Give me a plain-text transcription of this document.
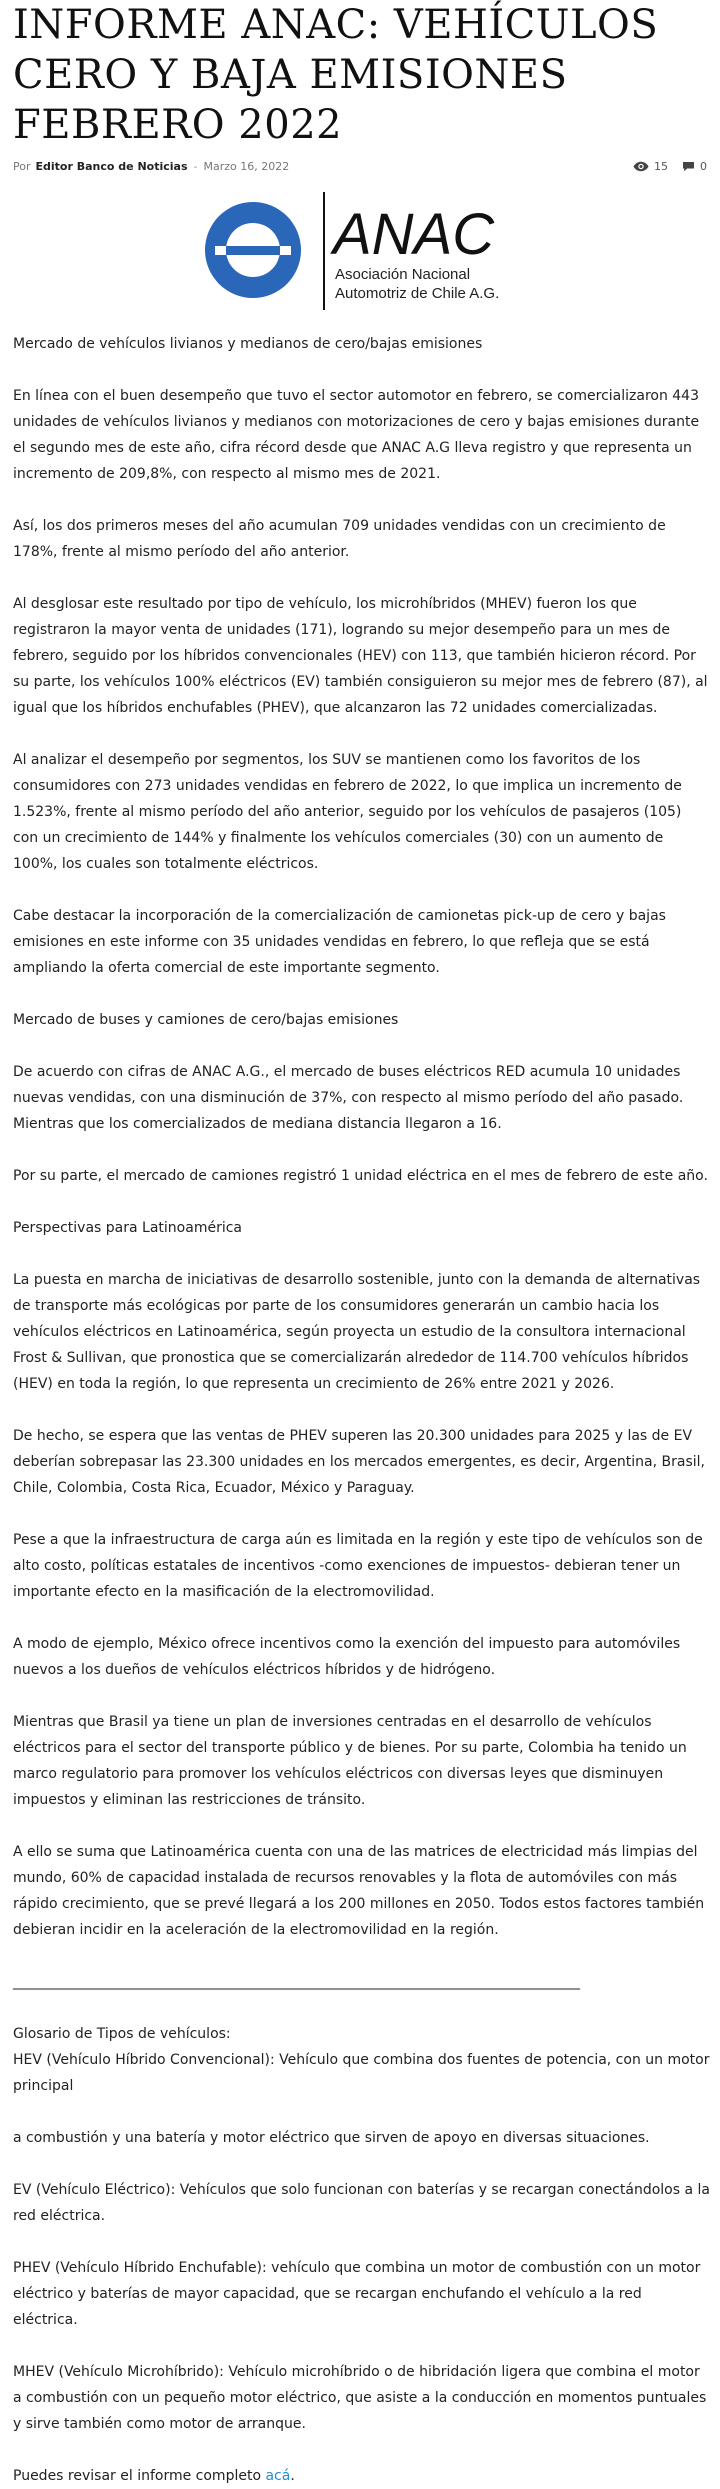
INFORME ANAC: VEHÍCULOS CERO Y BAJA EMISIONES FEBRERO 2022
Por Editor Banco de Noticias - Marzo 16, 2022	15	0
ANAC
Asociación Nacional
Automotriz de Chile A.G.

Mercado de vehículos livianos y medianos de cero/bajas emisiones

En línea con el buen desempeño que tuvo el sector automotor en febrero, se comercializaron 443 unidades de vehículos livianos y medianos con motorizaciones de cero y bajas emisiones durante el segundo mes de este año, cifra récord desde que ANAC A.G lleva registro y que representa un incremento de 209,8%, con respecto al mismo mes de 2021.

Así, los dos primeros meses del año acumulan 709 unidades vendidas con un crecimiento de 178%, frente al mismo período del año anterior.

Al desglosar este resultado por tipo de vehículo, los microhíbridos (MHEV) fueron los que registraron la mayor venta de unidades (171), logrando su mejor desempeño para un mes de febrero, seguido por los híbridos convencionales (HEV) con 113, que también hicieron récord. Por su parte, los vehículos 100% eléctricos (EV) también consiguieron su mejor mes de febrero (87), al igual que los híbridos enchufables (PHEV), que alcanzaron las 72 unidades comercializadas.

Al analizar el desempeño por segmentos, los SUV se mantienen como los favoritos de los consumidores con 273 unidades vendidas en febrero de 2022, lo que implica un incremento de 1.523%, frente al mismo período del año anterior, seguido por los vehículos de pasajeros (105) con un crecimiento de 144% y finalmente los vehículos comerciales (30) con un aumento de 100%, los cuales son totalmente eléctricos.

Cabe destacar la incorporación de la comercialización de camionetas pick-up de cero y bajas emisiones en este informe con 35 unidades vendidas en febrero, lo que refleja que se está ampliando la oferta comercial de este importante segmento.

Mercado de buses y camiones de cero/bajas emisiones

De acuerdo con cifras de ANAC A.G., el mercado de buses eléctricos RED acumula 10 unidades nuevas vendidas, con una disminución de 37%, con respecto al mismo período del año pasado. Mientras que los comercializados de mediana distancia llegaron a 16.

Por su parte, el mercado de camiones registró 1 unidad eléctrica en el mes de febrero de este año.

Perspectivas para Latinoamérica

La puesta en marcha de iniciativas de desarrollo sostenible, junto con la demanda de alternativas de transporte más ecológicas por parte de los consumidores generarán un cambio hacia los vehículos eléctricos en Latinoamérica, según proyecta un estudio de la consultora internacional Frost & Sullivan, que pronostica que se comercializarán alrededor de 114.700 vehículos híbridos (HEV) en toda la región, lo que representa un crecimiento de 26% entre 2021 y 2026.

De hecho, se espera que las ventas de PHEV superen las 20.300 unidades para 2025 y las de EV deberían sobrepasar las 23.300 unidades en los mercados emergentes, es decir, Argentina, Brasil, Chile, Colombia, Costa Rica, Ecuador, México y Paraguay.

Pese a que la infraestructura de carga aún es limitada en la región y este tipo de vehículos son de alto costo, políticas estatales de incentivos -como exenciones de impuestos- debieran tener un importante efecto en la masificación de la electromovilidad.

A modo de ejemplo, México ofrece incentivos como la exención del impuesto para automóviles nuevos a los dueños de vehículos eléctricos híbridos y de hidrógeno.

Mientras que Brasil ya tiene un plan de inversiones centradas en el desarrollo de vehículos eléctricos para el sector del transporte público y de bienes. Por su parte, Colombia ha tenido un marco regulatorio para promover los vehículos eléctricos con diversas leyes que disminuyen impuestos y eliminan las restricciones de tránsito.

A ello se suma que Latinoamérica cuenta con una de las matrices de electricidad más limpias del mundo, 60% de capacidad instalada de recursos renovables y la flota de automóviles con más rápido crecimiento, que se prevé llegará a los 200 millones en 2050. Todos estos factores también debieran incidir en la aceleración de la electromovilidad en la región.

_________________________________________________________________________________

Glosario de Tipos de vehículos:

HEV (Vehículo Híbrido Convencional): Vehículo que combina dos fuentes de potencia, con un motor principal

a combustión y una batería y motor eléctrico que sirven de apoyo en diversas situaciones.

EV (Vehículo Eléctrico): Vehículos que solo funcionan con baterías y se recargan conectándolos a la red eléctrica.

PHEV (Vehículo Híbrido Enchufable): vehículo que combina un motor de combustión con un motor eléctrico y baterías de mayor capacidad, que se recargan enchufando el vehículo a la red eléctrica.

MHEV (Vehículo Microhíbrido): Vehículo microhíbrido o de hibridación ligera que combina el motor a combustión con un pequeño motor eléctrico, que asiste a la conducción en momentos puntuales y sirve también como motor de arranque.

Puedes revisar el informe completo acá.
